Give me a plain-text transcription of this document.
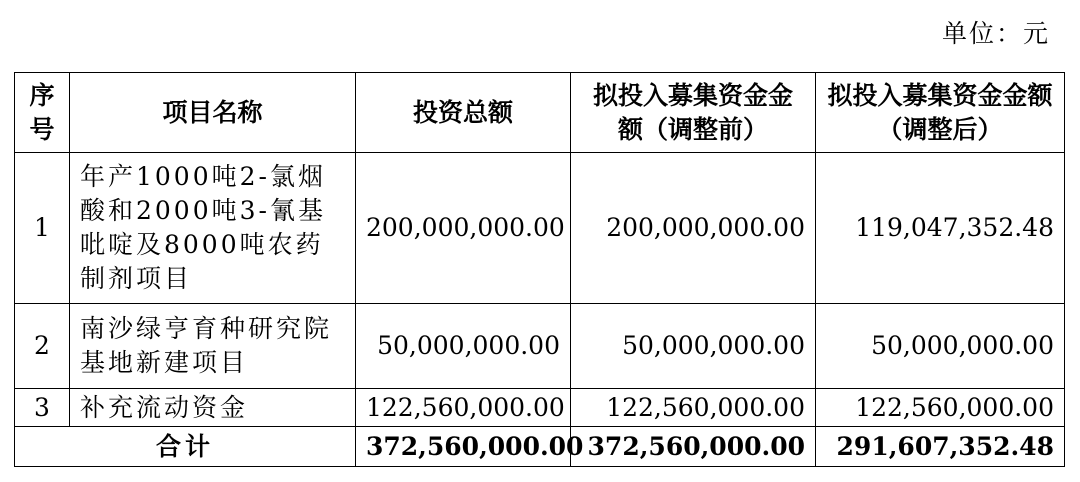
单位：元
序号	项目名称	投资总额	拟投入募集资金金额（调整前）	拟投入募集资金金额（调整后）
1	年产1000吨2-氯烟酸和2000吨3-氰基吡啶及8000吨农药制剂项目	200,000,000.00	200,000,000.00	119,047,352.48
2	南沙绿亨育种研究院基地新建项目	50,000,000.00	50,000,000.00	50,000,000.00
3	补充流动资金	122,560,000.00	122,560,000.00	122,560,000.00
合计		372,560,000.00	372,560,000.00	291,607,352.48
